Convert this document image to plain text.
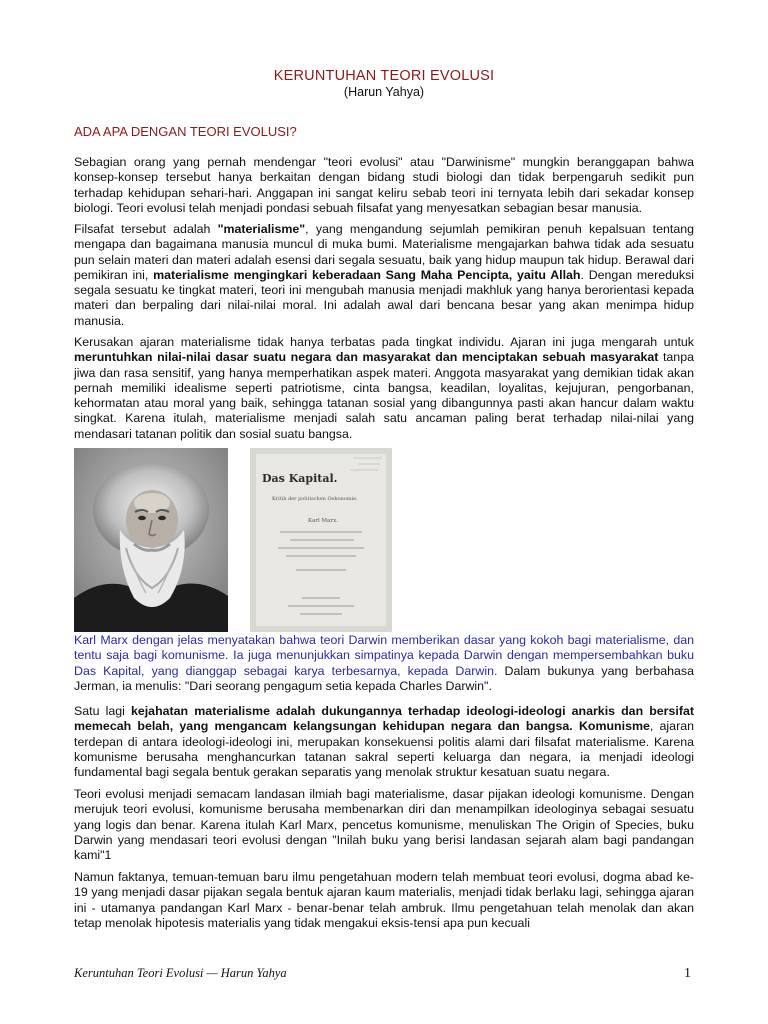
KERUNTUHAN TEORI EVOLUSI
(Harun Yahya)
ADA APA DENGAN TEORI EVOLUSI?

Sebagian orang yang pernah mendengar "teori evolusi" atau "Darwinisme" mungkin beranggapan bahwa konsep-konsep tersebut hanya berkaitan dengan bidang studi biologi dan tidak berpengaruh sedikit pun terhadap kehidupan sehari-hari. Anggapan ini sangat keliru sebab teori ini ternyata lebih dari sekadar konsep biologi. Teori evolusi telah menjadi pondasi sebuah filsafat yang menyesatkan sebagian besar manusia.

Filsafat tersebut adalah "materialisme", yang mengandung sejumlah pemikiran penuh kepalsuan tentang mengapa dan bagaimana manusia muncul di muka bumi. Materialisme mengajarkan bahwa tidak ada sesuatu pun selain materi dan materi adalah esensi dari segala sesuatu, baik yang hidup maupun tak hidup. Berawal dari pemikiran ini, materialisme mengingkari keberadaan Sang Maha Pencipta, yaitu Allah. Dengan mereduksi segala sesuatu ke tingkat materi, teori ini mengubah manusia menjadi makhluk yang hanya berorientasi kepada materi dan berpaling dari nilai-nilai moral. Ini adalah awal dari bencana besar yang akan menimpa hidup manusia.

Kerusakan ajaran materialisme tidak hanya terbatas pada tingkat individu. Ajaran ini juga mengarah untuk meruntuhkan nilai-nilai dasar suatu negara dan masyarakat dan menciptakan sebuah masyarakat tanpa jiwa dan rasa sensitif, yang hanya memperhatikan aspek materi. Anggota masyarakat yang demikian tidak akan pernah memiliki idealisme seperti patriotisme, cinta bangsa, keadilan, loyalitas, kejujuran, pengorbanan, kehormatan atau moral yang baik, sehingga tatanan sosial yang dibangunnya pasti akan hancur dalam waktu singkat. Karena itulah, materialisme menjadi salah satu ancaman paling berat terhadap nilai-nilai yang mendasari tatanan politik dan sosial suatu bangsa.

Das Kapital.
Kritik der politischen Oekonomie.
Karl Marx.

Karl Marx dengan jelas menyatakan bahwa teori Darwin memberikan dasar yang kokoh bagi materialisme, dan tentu saja bagi komunisme. Ia juga menunjukkan simpatinya kepada Darwin dengan mempersembahkan buku Das Kapital, yang dianggap sebagai karya terbesarnya, kepada Darwin. Dalam bukunya yang berbahasa Jerman, ia menulis: "Dari seorang pengagum setia kepada Charles Darwin".

Satu lagi kejahatan materialisme adalah dukungannya terhadap ideologi-ideologi anarkis dan bersifat memecah belah, yang mengancam kelangsungan kehidupan negara dan bangsa. Komunisme, ajaran terdepan di antara ideologi-ideologi ini, merupakan konsekuensi politis alami dari filsafat materialisme. Karena komunisme berusaha menghancurkan tatanan sakral seperti keluarga dan negara, ia menjadi ideologi fundamental bagi segala bentuk gerakan separatis yang menolak struktur kesatuan suatu negara.

Teori evolusi menjadi semacam landasan ilmiah bagi materialisme, dasar pijakan ideologi komunisme. Dengan merujuk teori evolusi, komunisme berusaha membenarkan diri dan menampilkan ideologinya sebagai sesuatu yang logis dan benar. Karena itulah Karl Marx, pencetus komunisme, menuliskan The Origin of Species, buku Darwin yang mendasari teori evolusi dengan "Inilah buku yang berisi landasan sejarah alam bagi pandangan kami"1

Namun faktanya, temuan-temuan baru ilmu pengetahuan modern telah membuat teori evolusi, dogma abad ke-19 yang menjadi dasar pijakan segala bentuk ajaran kaum materialis, menjadi tidak berlaku lagi, sehingga ajaran ini - utamanya pandangan Karl Marx - benar-benar telah ambruk. Ilmu pengetahuan telah menolak dan akan tetap menolak hipotesis materialis yang tidak mengakui eksis-tensi apa pun kecuali

Keruntuhan Teori Evolusi — Harun Yahya	1
